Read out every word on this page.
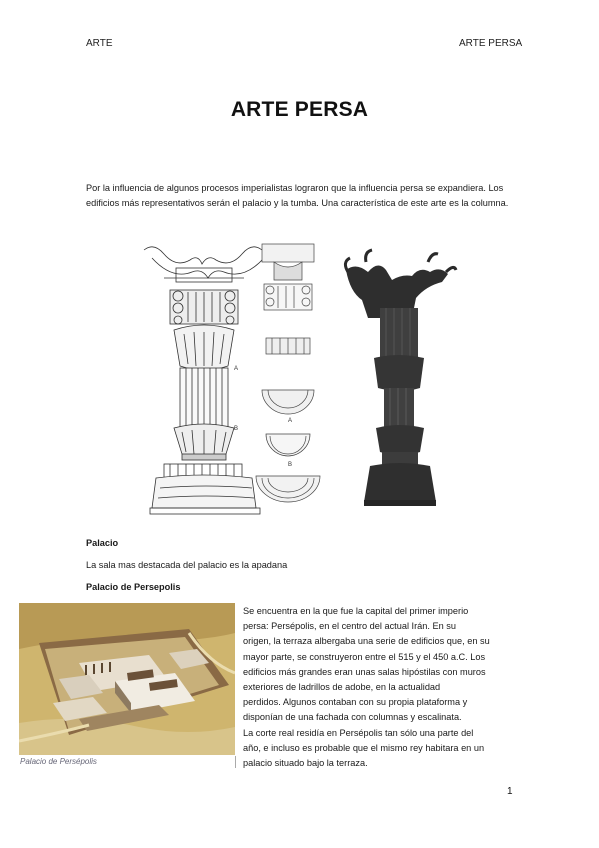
ARTE	ARTE PERSA
ARTE PERSA
Por la influencia de algunos procesos imperialistas lograron que la influencia persa se expandiera. Los edificios más representativos serán el palacio y la tumba. Una característica de este arte es la columna.
A
B
A
B
Palacio
La sala mas destacada del palacio es la apadana
Palacio de Persepolis
Palacio de Persépolis
Se encuentra en la que fue la capital del primer imperio
persa: Persépolis, en el centro del actual Irán. En su
origen, la terraza albergaba una serie de edificios que, en su
mayor parte, se construyeron entre el 515 y el 450 a.C. Los
edificios más grandes eran unas salas hipóstilas con muros
exteriores de ladrillos de adobe, en la actualidad
perdidos. Algunos contaban con su propia plataforma y
disponían de una fachada con columnas y escalinata.
La corte real residía en Persépolis tan sólo una parte del
año, e incluso es probable que el mismo rey habitara en un
palacio situado bajo la terraza.
1
